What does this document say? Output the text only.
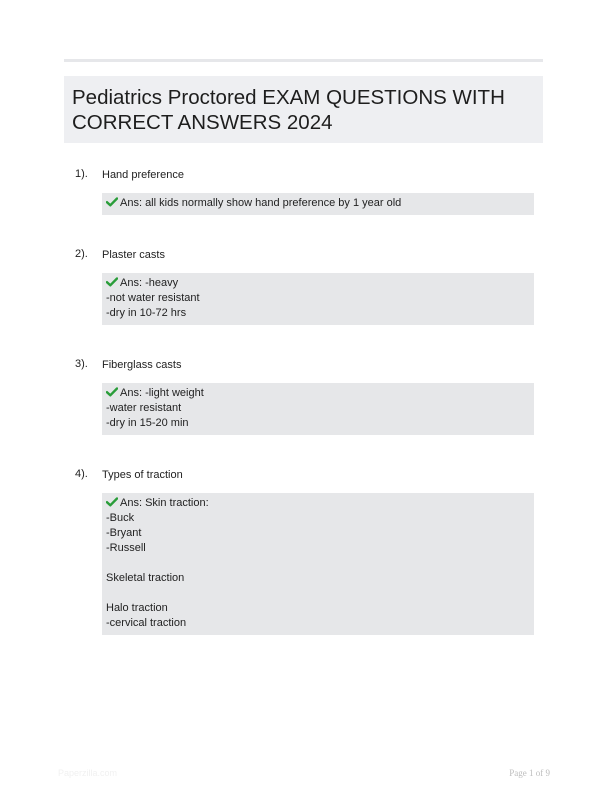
Pediatrics Proctored EXAM QUESTIONS WITH CORRECT ANSWERS 2024
1). Hand preference
Ans: all kids normally show hand preference by 1 year old
2). Plaster casts
Ans: -heavy
-not water resistant
-dry in 10-72 hrs
3). Fiberglass casts
Ans: -light weight
-water resistant
-dry in 15-20 min
4). Types of traction
Ans: Skin traction:
-Buck
-Bryant
-Russell

Skeletal traction

Halo traction
-cervical traction
Paperzilla.com	Page 1 of 9
